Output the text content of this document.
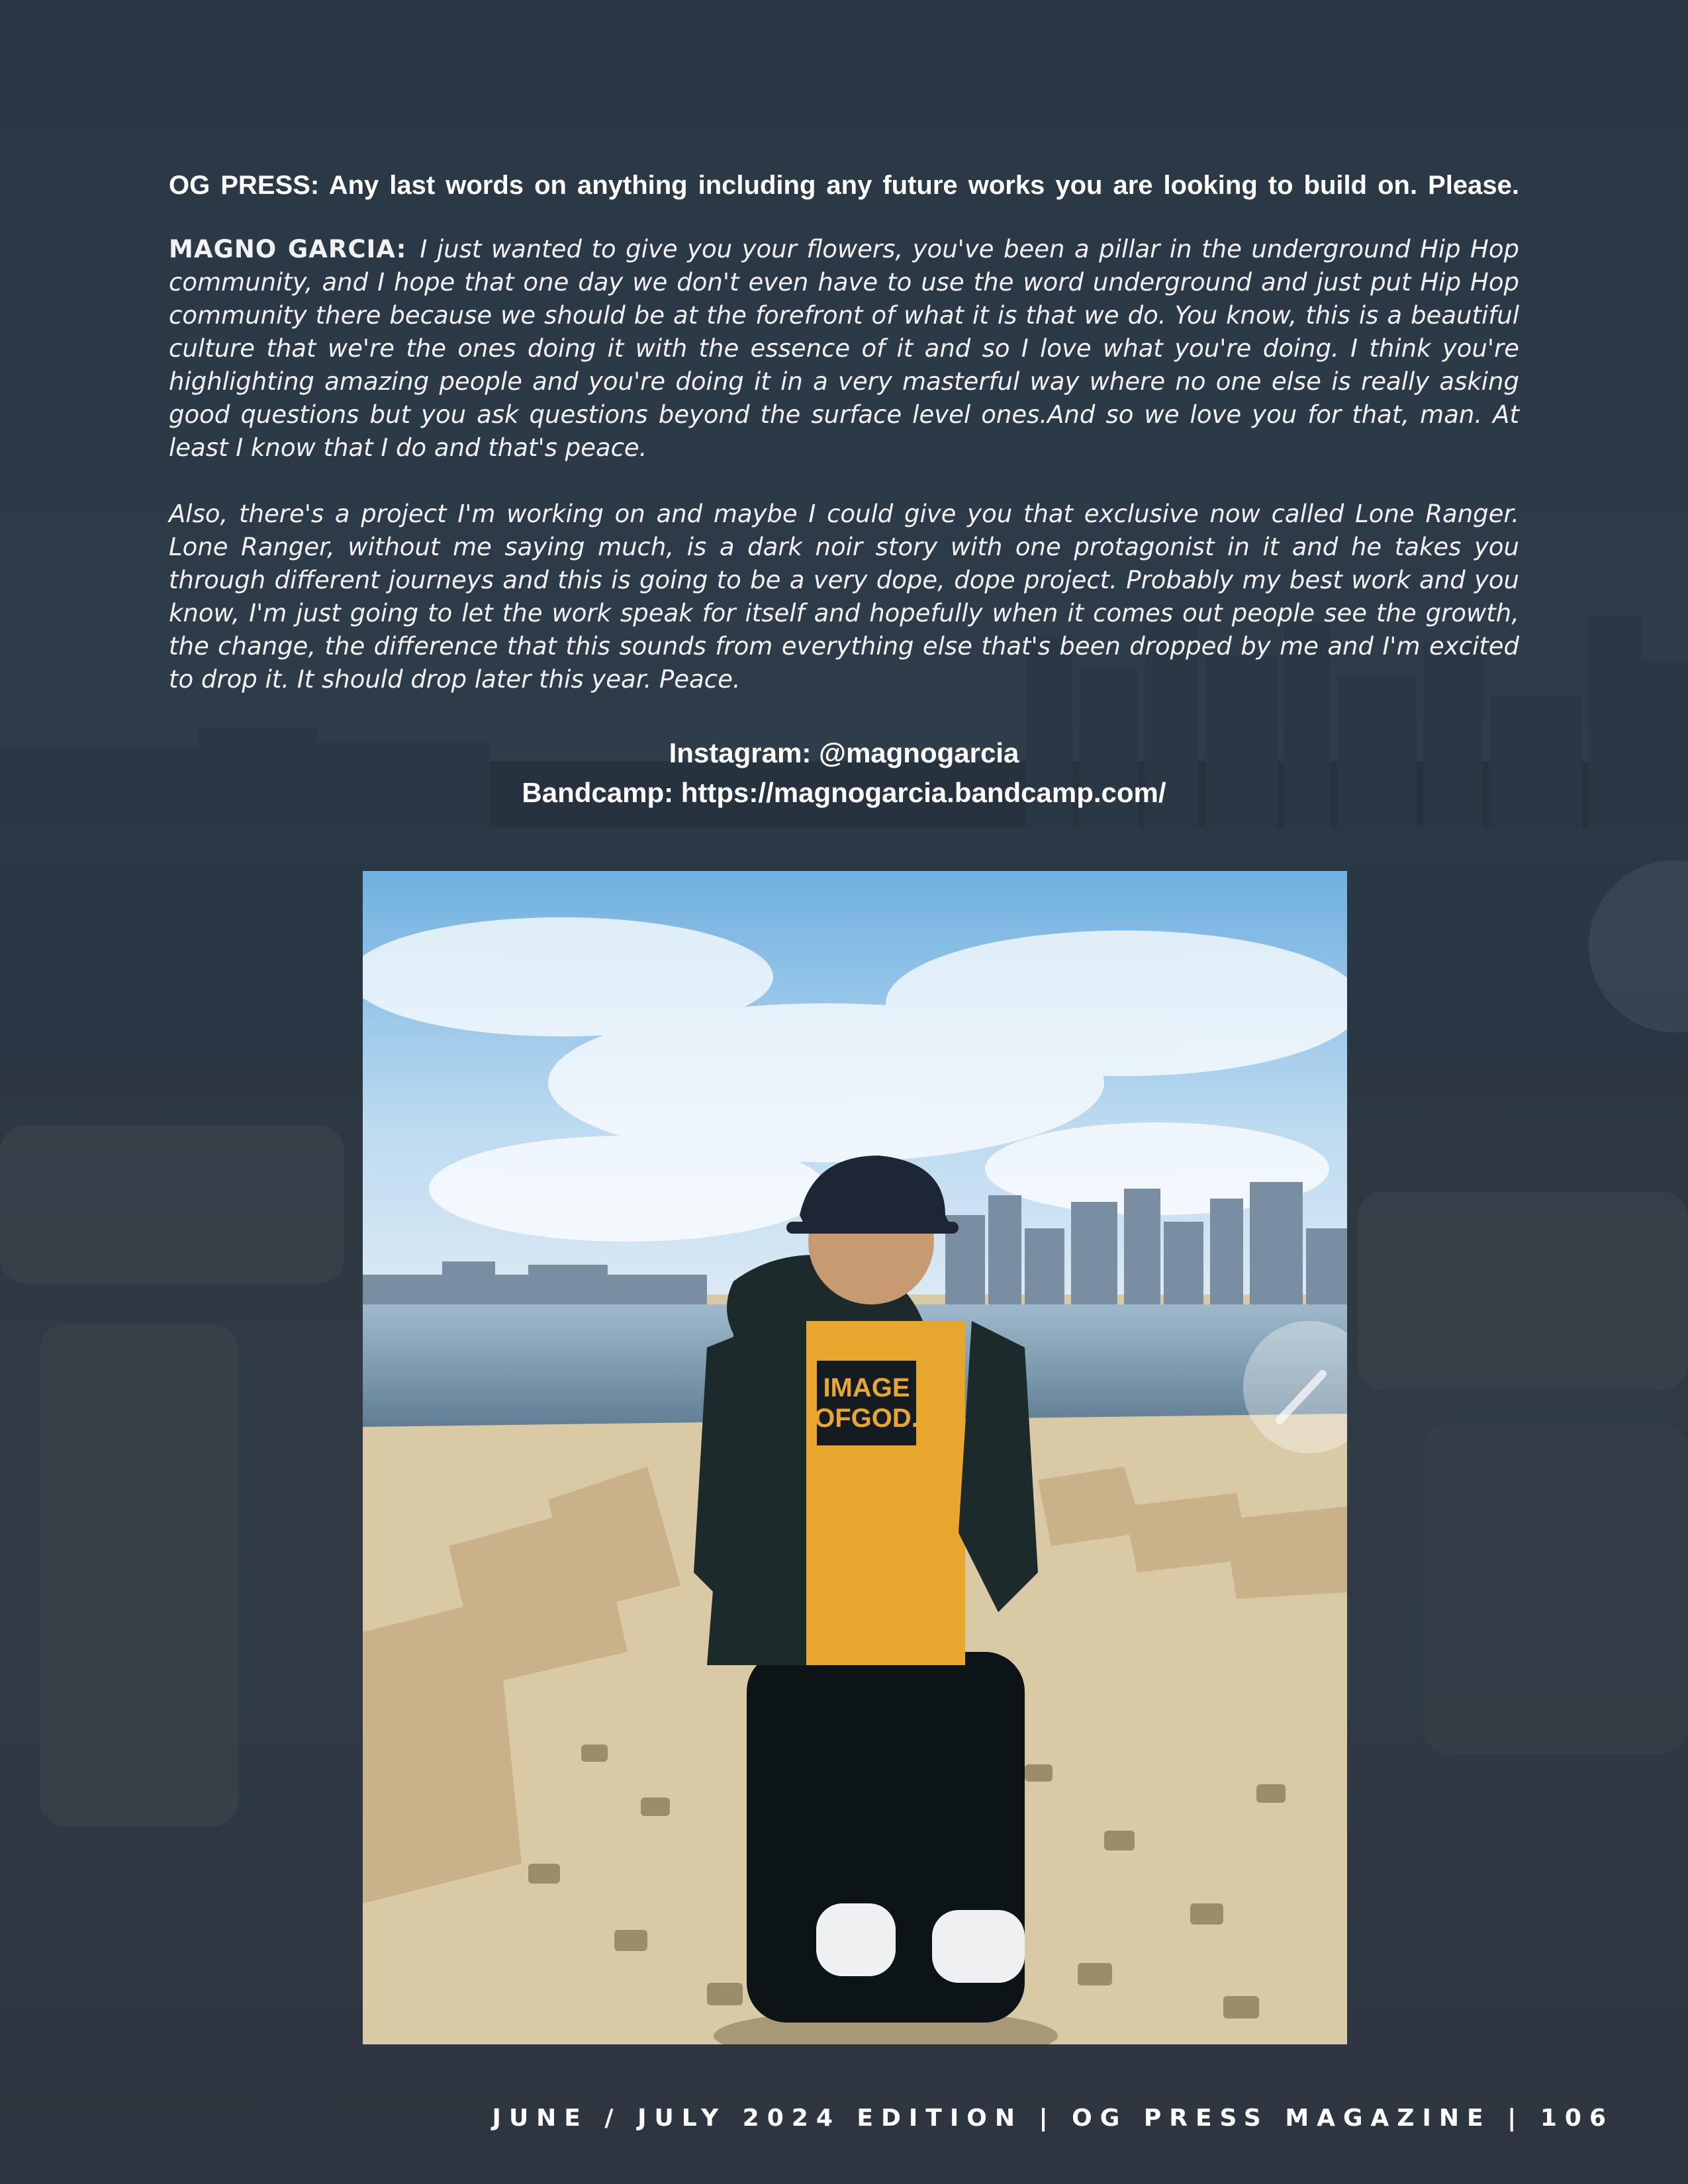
OG PRESS: Any last words on anything including any future works you are looking to build on. Please.

MAGNO GARCIA: I just wanted to give you your flowers, you've been a pillar in the underground Hip Hop community, and I hope that one day we don't even have to use the word underground and just put Hip Hop community there because we should be at the forefront of what it is that we do. You know, this is a beautiful culture that we're the ones doing it with the essence of it and so I love what you're doing. I think you're highlighting amazing people and you're doing it in a very masterful way where no one else is really asking good questions but you ask questions beyond the surface level ones.And so we love you for that, man. At least I know that I do and that's peace.

Also, there's a project I'm working on and maybe I could give you that exclusive now called Lone Ranger. Lone Ranger, without me saying much, is a dark noir story with one protagonist in it and he takes you through different journeys and this is going to be a very dope, dope project. Probably my best work and you know, I'm just going to let the work speak for itself and hopefully when it comes out people see the growth, the change, the difference that this sounds from everything else that's been dropped by me and I'm excited to drop it. It should drop later this year. Peace.

Instagram: @magnogarcia
Bandcamp: https://magnogarcia.bandcamp.com/
IMAGE
OFGOD.
JUNE / JULY 2024 EDITION | OG PRESS MAGAZINE | 106
